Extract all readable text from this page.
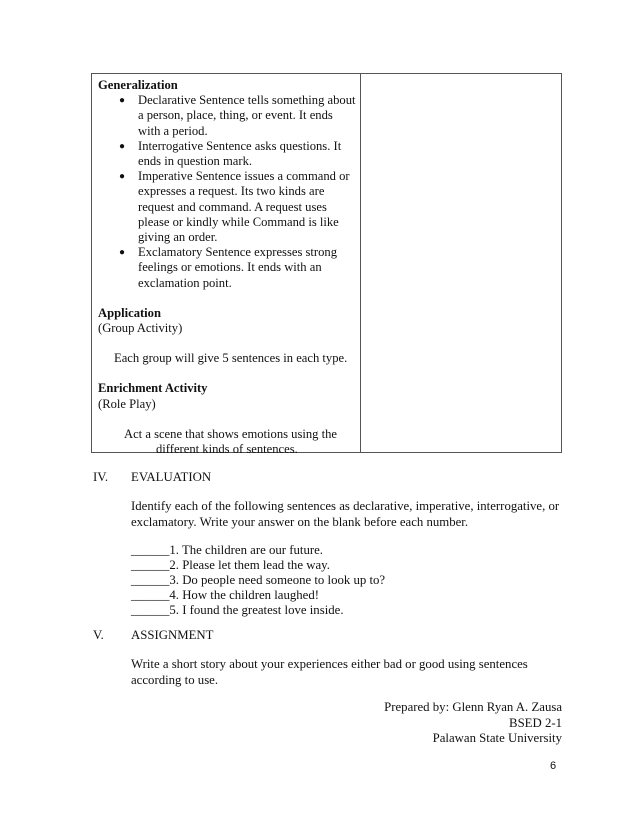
Generalization
● Declarative Sentence tells something about
a person, place, thing, or event. It ends
with a period.
● Interrogative Sentence asks questions. It
ends in question mark.
● Imperative Sentence issues a command or
expresses a request. Its two kinds are
request and command. A request uses
please or kindly while Command is like
giving an order.
● Exclamatory Sentence expresses strong
feelings or emotions. It ends with an
exclamation point.
Application
(Group Activity)
Each group will give 5 sentences in each type.
Enrichment Activity
(Role Play)
Act a scene that shows emotions using the
different kinds of sentences.
IV. EVALUATION
Identify each of the following sentences as declarative, imperative, interrogative, or
exclamatory. Write your answer on the blank before each number.
______1. The children are our future.
______2. Please let them lead the way.
______3. Do people need someone to look up to?
______4. How the children laughed!
______5. I found the greatest love inside.
V. ASSIGNMENT
Write a short story about your experiences either bad or good using sentences
according to use.
Prepared by: Glenn Ryan A. Zausa
BSED 2-1
Palawan State University
6
